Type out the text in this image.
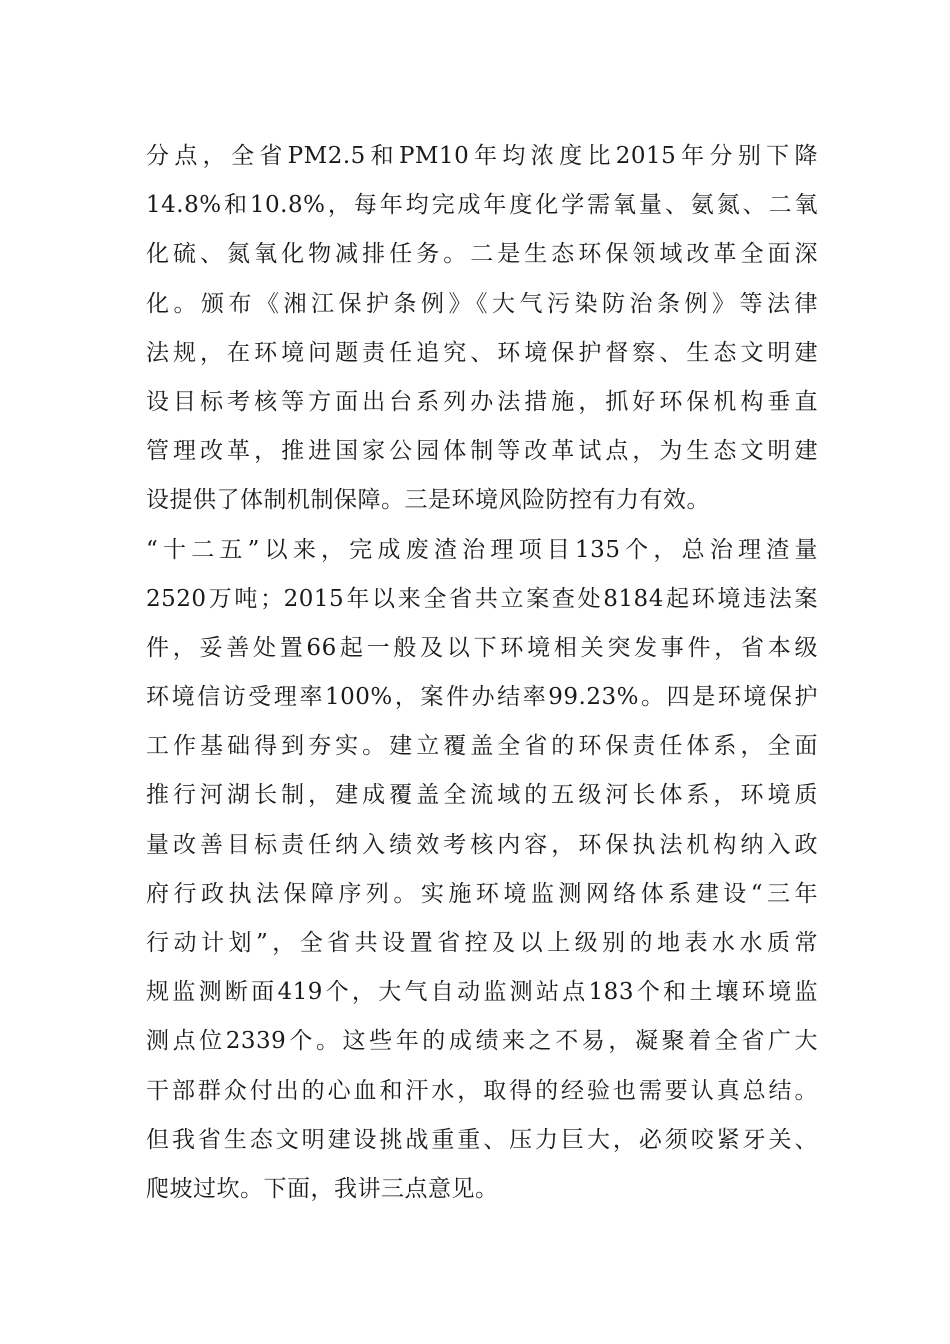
分点，全省PM2.5和PM10年均浓度比2015年分别下降
14.8%和10.8%，每年均完成年度化学需氧量、氨氮、二氧
化硫、氮氧化物减排任务。二是生态环保领域改革全面深
化。颁布《湘江保护条例》《大气污染防治条例》等法律
法规，在环境问题责任追究、环境保护督察、生态文明建
设目标考核等方面出台系列办法措施，抓好环保机构垂直
管理改革，推进国家公园体制等改革试点，为生态文明建
设提供了体制机制保障。三是环境风险防控有力有效。
“十二五”以来，完成废渣治理项目135个，总治理渣量
2520万吨；2015年以来全省共立案查处8184起环境违法案
件，妥善处置66起一般及以下环境相关突发事件，省本级
环境信访受理率100%，案件办结率99.23%。四是环境保护
工作基础得到夯实。建立覆盖全省的环保责任体系，全面
推行河湖长制，建成覆盖全流域的五级河长体系，环境质
量改善目标责任纳入绩效考核内容，环保执法机构纳入政
府行政执法保障序列。实施环境监测网络体系建设“三年
行动计划”，全省共设置省控及以上级别的地表水水质常
规监测断面419个，大气自动监测站点183个和土壤环境监
测点位2339个。这些年的成绩来之不易，凝聚着全省广大
干部群众付出的心血和汗水，取得的经验也需要认真总结。
但我省生态文明建设挑战重重、压力巨大，必须咬紧牙关、
爬坡过坎。下面，我讲三点意见。
